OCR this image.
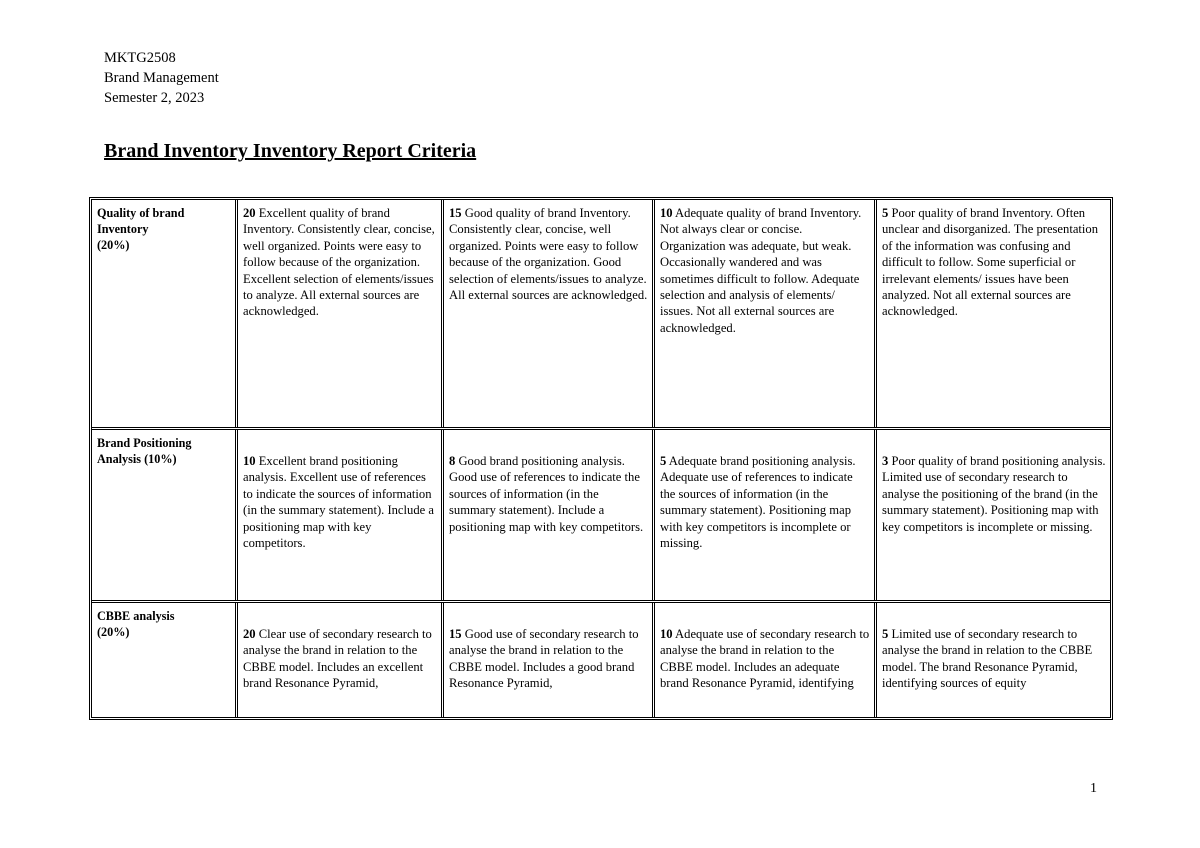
MKTG2508
Brand Management
Semester 2, 2023
Brand Inventory Inventory Report Criteria
Quality of brand
Inventory
(20%)
20 Excellent quality of brand Inventory. Consistently clear, concise, well organized. Points were easy to follow because of the organization. Excellent selection of elements/issues to analyze. All external sources are acknowledged.
15 Good quality of brand Inventory. Consistently clear, concise, well organized. Points were easy to follow because of the organization. Good selection of elements/issues to analyze. All external sources are acknowledged.
10 Adequate quality of brand Inventory. Not always clear or concise. Organization was adequate, but weak. Occasionally wandered and was sometimes difficult to follow. Adequate selection and analysis of elements/ issues. Not all external sources are acknowledged.
5 Poor quality of brand Inventory. Often unclear and disorganized. The presentation of the information was confusing and difficult to follow. Some superficial or irrelevant elements/ issues have been analyzed. Not all external sources are acknowledged.
Brand Positioning
Analysis (10%)	10 Excellent brand positioning analysis. Excellent use of references to indicate the sources of information (in the summary statement). Include a positioning map with key competitors.
8 Good brand positioning analysis. Good use of references to indicate the sources of information (in the summary statement). Include a positioning map with key competitors.
5 Adequate brand positioning analysis. Adequate use of references to indicate the sources of information (in the summary statement). Positioning map with key competitors is incomplete or missing.
3 Poor quality of brand positioning analysis. Limited use of secondary research to analyse the positioning of the brand (in the summary statement). Positioning map with key competitors is incomplete or missing.
CBBE analysis
(20%)	20 Clear use of secondary research to analyse the brand in relation to the CBBE model. Includes an excellent brand Resonance Pyramid,
15 Good use of secondary research to analyse the brand in relation to the CBBE model. Includes a good brand Resonance Pyramid,
10 Adequate use of secondary research to analyse the brand in relation to the CBBE model. Includes an adequate brand Resonance Pyramid, identifying
5 Limited use of secondary research to analyse the brand in relation to the CBBE model. The brand Resonance Pyramid, identifying sources of equity
1
